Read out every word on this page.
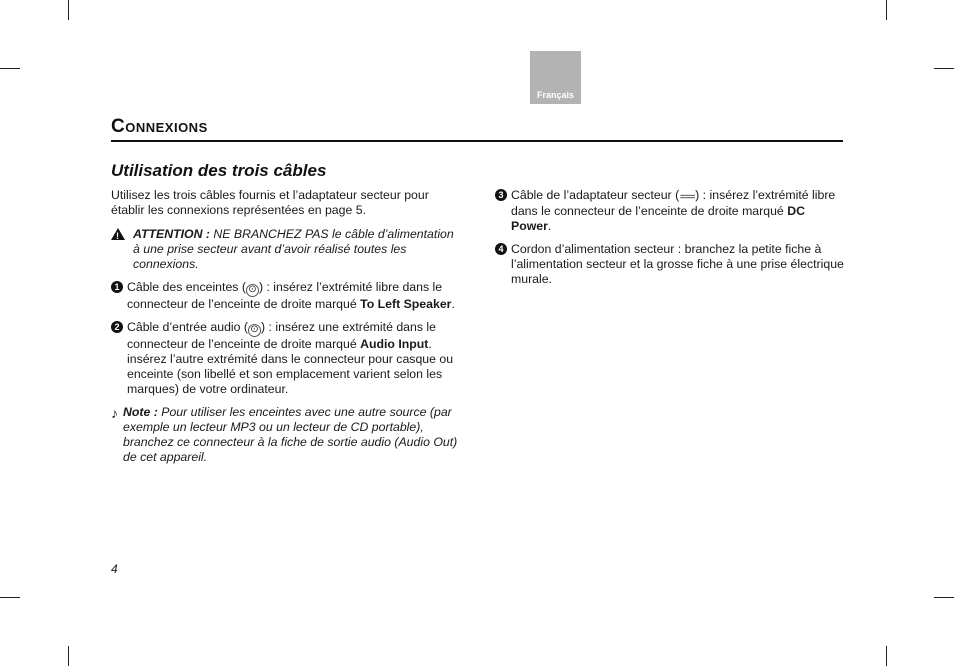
Français
Connexions
Utilisation des trois câbles

Utilisez les trois câbles fournis et l’adaptateur secteur pour établir les connexions représentées en page 5.

!

ATTENTION : NE BRANCHEZ PAS le câble d’alimentation à une prise secteur avant d’avoir réalisé toutes les connexions.

1 Câble des enceintes ( ⊙ ) : insérez l’extrémité libre dans le connecteur de l’enceinte de droite marqué To Left Speaker.

2 Câble d’entrée audio ( ⊙ ) : insérez une extrémité dans le connecteur de l’enceinte de droite marqué Audio Input. insérez l’autre extrémité dans le connecteur pour casque ou enceinte (son libellé et son emplacement varient selon les marques) de votre ordinateur.

♪ Note : Pour utiliser les enceintes avec une autre source (par exemple un lecteur MP3 ou un lecteur de CD portable), branchez ce connecteur à la fiche de sortie audio (Audio Out) de cet appareil.

3 Câble de l’adaptateur secteur (===) : insérez l’extrémité libre dans le connecteur de l’enceinte de droite marqué DC Power.

4 Cordon d’alimentation secteur : branchez la petite fiche à l’alimentation secteur et la grosse fiche à une prise électrique murale.

4
